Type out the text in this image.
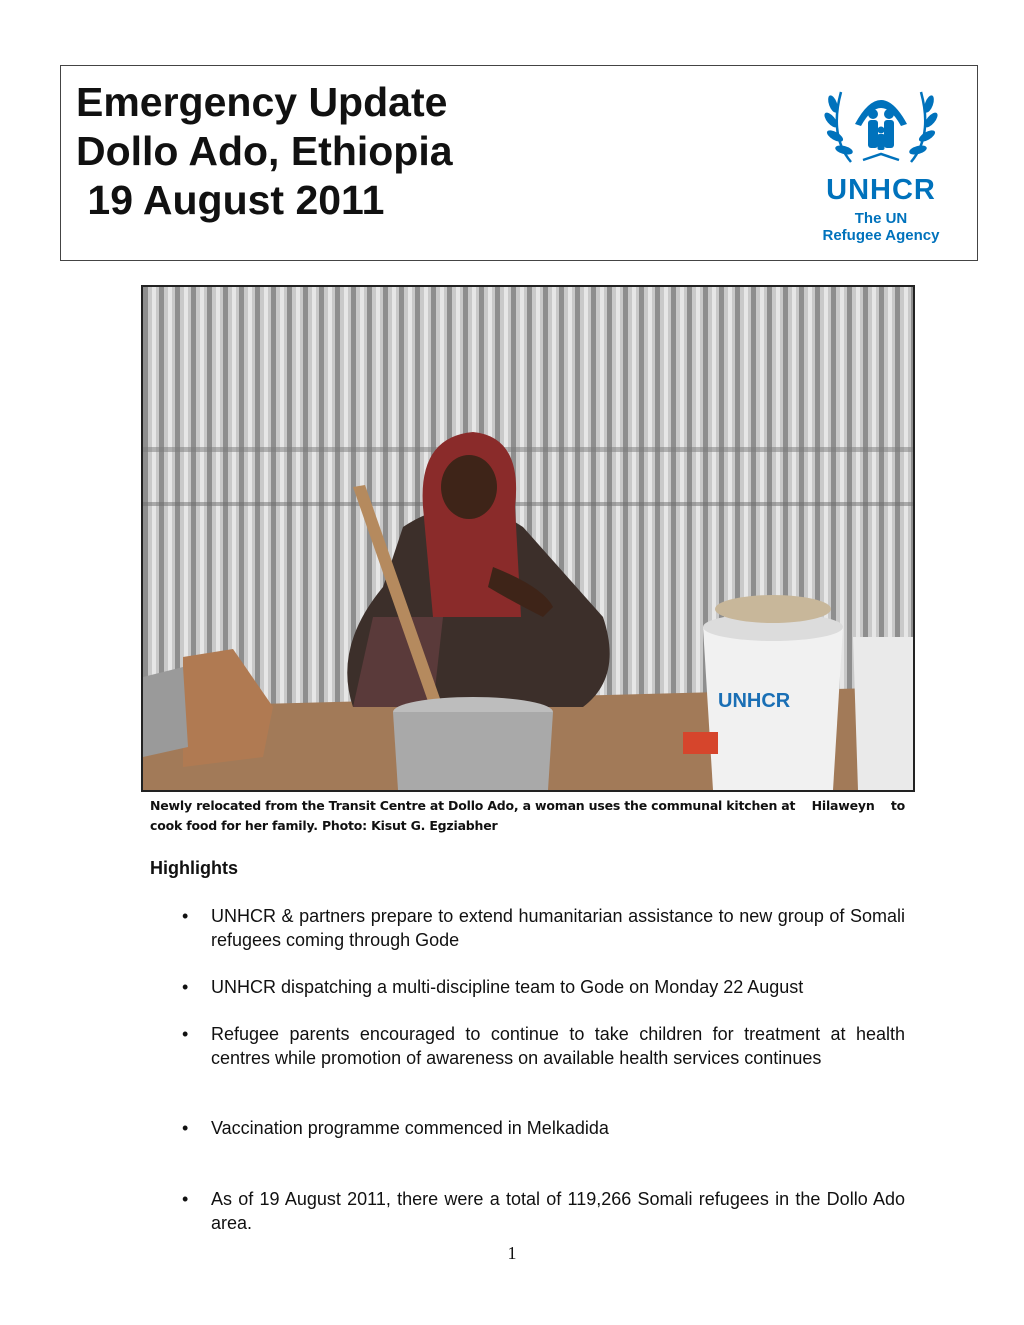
Emergency Update
Dollo Ado, Ethiopia
19 August 2011	UNHCR
The UN
Refugee Agency
UNHCR
Newly relocated from the Transit Centre at Dollo Ado, a woman uses the communal kitchen at Hilaweyn to
cook food for her family. Photo: Kisut G. Egziabher
Highlights
• UNHCR & partners prepare to extend humanitarian assistance to new group of Somali refugees coming through Gode
• UNHCR dispatching a multi-discipline team to Gode on Monday 22 August
• Refugee parents encouraged to continue to take children for treatment at health centres while promotion of awareness on available health services continues
• Vaccination programme commenced in Melkadida
• As of 19 August 2011, there were a total of 119,266 Somali refugees in the Dollo Ado area.
1
